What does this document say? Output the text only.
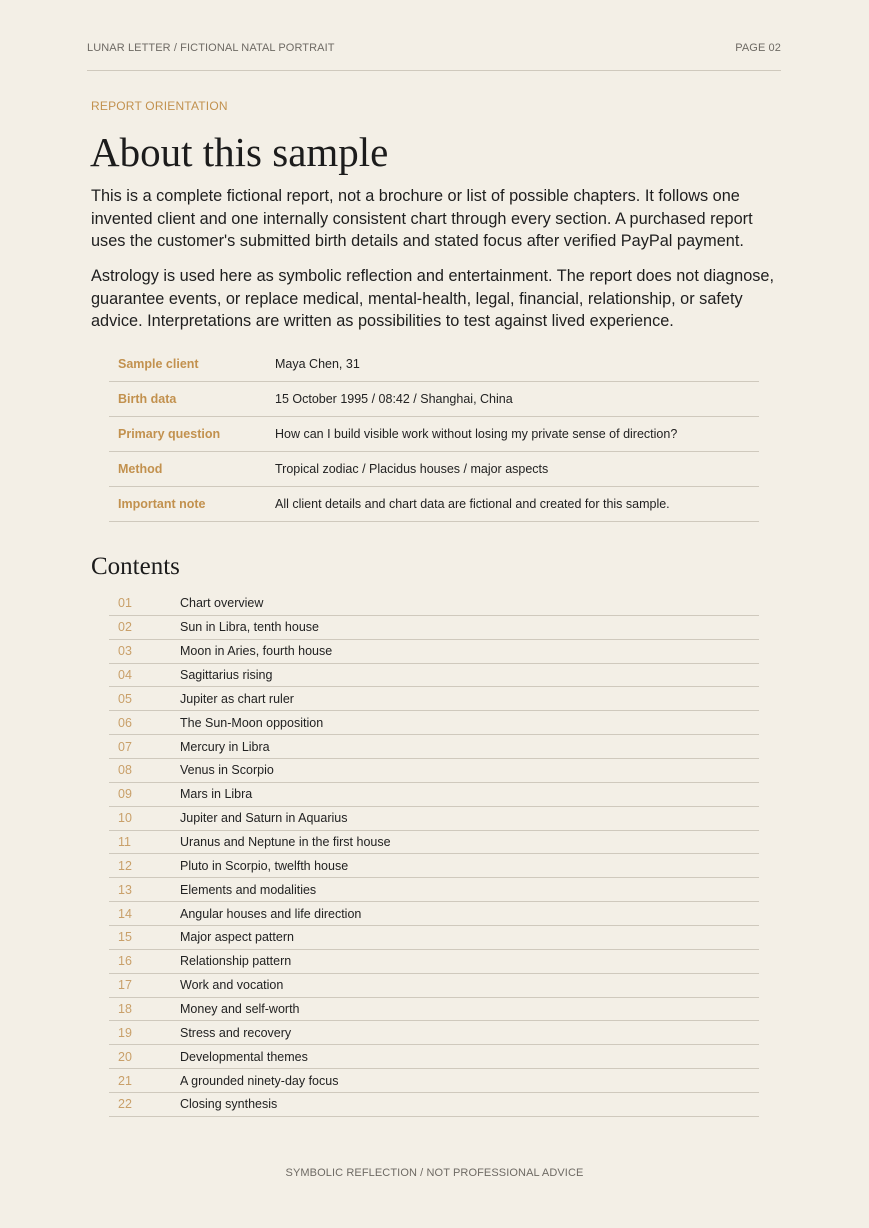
LUNAR LETTER / FICTIONAL NATAL PORTRAIT	PAGE 02
REPORT ORIENTATION
About this sample

This is a complete fictional report, not a brochure or list of possible chapters. It follows one invented client and one internally consistent chart through every section. A purchased report uses the customer's submitted birth details and stated focus after verified PayPal payment.

Astrology is used here as symbolic reflection and entertainment. The report does not diagnose, guarantee events, or replace medical, mental-health, legal, financial, relationship, or safety advice. Interpretations are written as possibilities to test against lived experience.

Sample client	Maya Chen, 31
Birth data	15 October 1995 / 08:42 / Shanghai, China
Primary question	How can I build visible work without losing my private sense of direction?
Method	Tropical zodiac / Placidus houses / major aspects
Important note	All client details and chart data are fictional and created for this sample.
Contents
01	Chart overview
02	Sun in Libra, tenth house
03	Moon in Aries, fourth house
04	Sagittarius rising
05	Jupiter as chart ruler
06	The Sun-Moon opposition
07	Mercury in Libra
08	Venus in Scorpio
09	Mars in Libra
10	Jupiter and Saturn in Aquarius
11	Uranus and Neptune in the first house
12	Pluto in Scorpio, twelfth house
13	Elements and modalities
14	Angular houses and life direction
15	Major aspect pattern
16	Relationship pattern
17	Work and vocation
18	Money and self-worth
19	Stress and recovery
20	Developmental themes
21	A grounded ninety-day focus
22	Closing synthesis
SYMBOLIC REFLECTION / NOT PROFESSIONAL ADVICE
